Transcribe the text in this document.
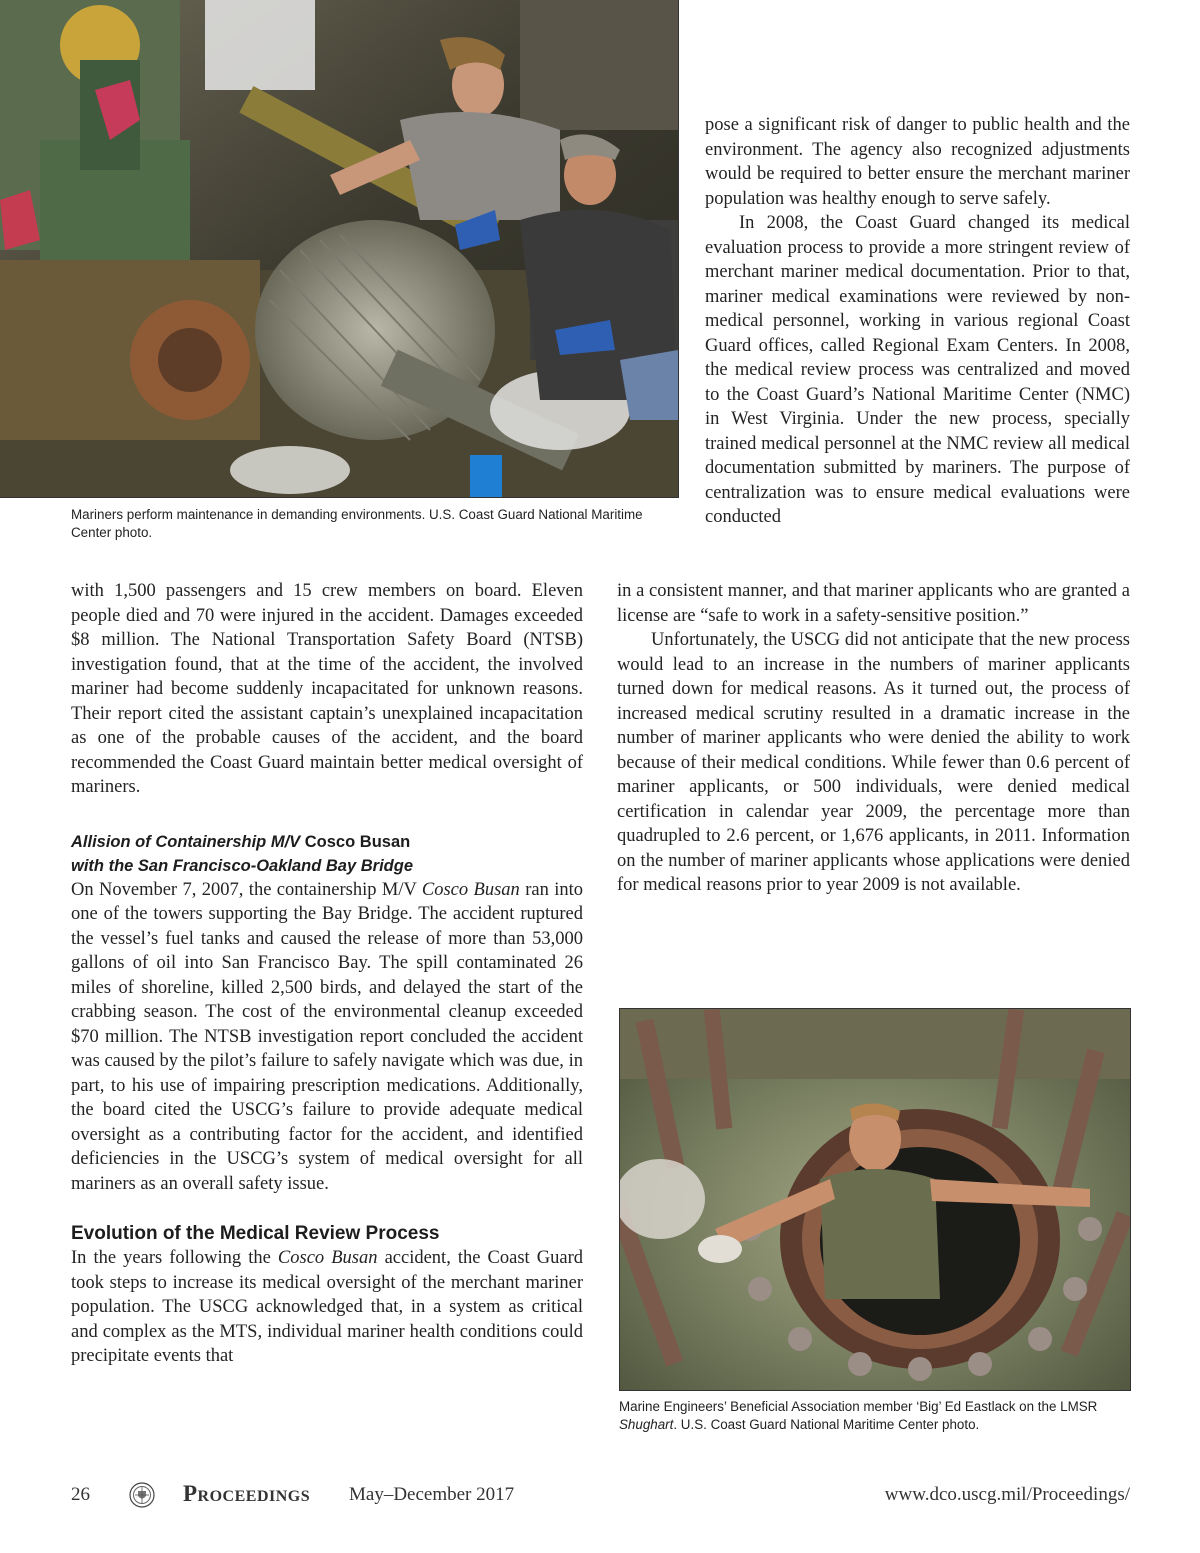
Mariners perform maintenance in demanding environments. U.S. Coast Guard National Maritime Center photo.

pose a significant risk of danger to public health and the environment. The agency also recognized adjustments would be required to better ensure the merchant mariner population was healthy enough to serve safely.

In 2008, the Coast Guard changed its medical evaluation process to provide a more stringent review of merchant mariner medical documentation. Prior to that, mariner medical examinations were reviewed by non-medical personnel, working in various regional Coast Guard offices, called Regional Exam Centers. In 2008, the medical review process was centralized and moved to the Coast Guard’s National Maritime Center (NMC) in West Virginia. Under the new process, specially trained medical personnel at the NMC review all medical documentation submitted by mariners. The purpose of centralization was to ensure medical evaluations were conducted

in a consistent manner, and that mariner applicants who are granted a license are “safe to work in a safety-sensitive position.”

Unfortunately, the USCG did not anticipate that the new process would lead to an increase in the numbers of mariner applicants turned down for medical reasons. As it turned out, the process of increased medical scrutiny resulted in a dramatic increase in the number of mariner applicants who were denied the ability to work because of their medical conditions. While fewer than 0.6 percent of mariner applicants, or 500 individuals, were denied medical certification in calendar year 2009, the percentage more than quadrupled to 2.6 percent, or 1,676 applicants, in 2011. Information on the number of mariner applicants whose applications were denied for medical reasons prior to year 2009 is not available.

with 1,500 passengers and 15 crew members on board. Eleven people died and 70 were injured in the accident. Damages exceeded $8 million. The National Transportation Safety Board (NTSB) investigation found, that at the time of the accident, the involved mariner had become suddenly incapacitated for unknown reasons. Their report cited the assistant captain’s unexplained incapacitation as one of the probable causes of the accident, and the board recommended the Coast Guard maintain better medical oversight of mariners.

Allision of Containership M/V Cosco Busan
with the San Francisco-Oakland Bay Bridge

On November 7, 2007, the containership M/V Cosco Busan ran into one of the towers supporting the Bay Bridge. The accident ruptured the vessel’s fuel tanks and caused the release of more than 53,000 gallons of oil into San Francisco Bay. The spill contaminated 26 miles of shoreline, killed 2,500 birds, and delayed the start of the crabbing season. The cost of the environmental cleanup exceeded $70 million. The NTSB investigation report concluded the accident was caused by the pilot’s failure to safely navigate which was due, in part, to his use of impairing prescription medications. Additionally, the board cited the USCG’s failure to provide adequate medical oversight as a contributing factor for the accident, and identified deficiencies in the USCG’s system of medical oversight for all mariners as an overall safety issue.

Evolution of the Medical Review Process

In the years following the Cosco Busan accident, the Coast Guard took steps to increase its medical oversight of the merchant mariner population. The USCG acknowledged that, in a system as critical and complex as the MTS, individual mariner health conditions could precipitate events that

Marine Engineers’ Beneficial Association member ‘Big’ Ed Eastlack on the LMSR Shughart. U.S. Coast Guard National Maritime Center photo.

26	Proceedings May–December 2017	www.dco.uscg.mil/Proceedings/
